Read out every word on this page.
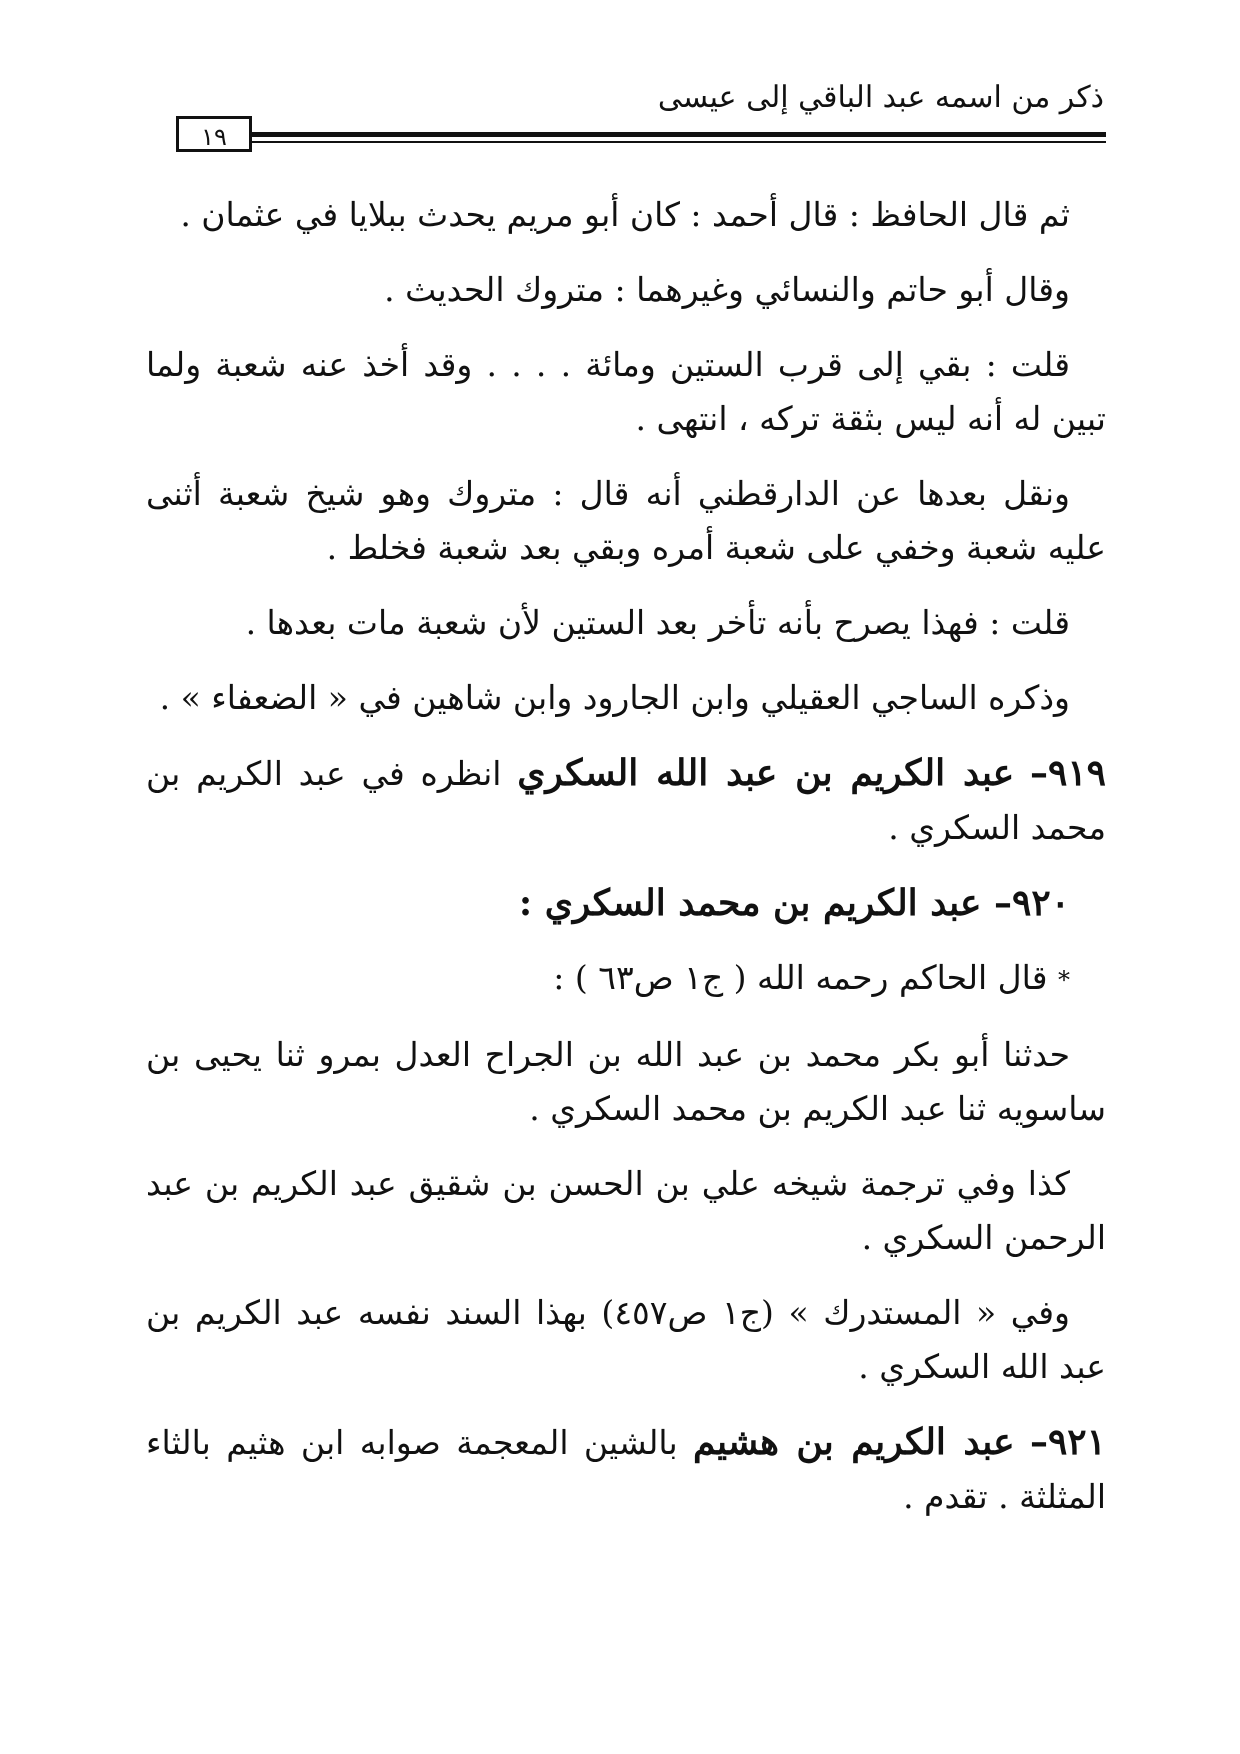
ذكر من اسمه عبد الباقي إلى عيسى
١٩

ثم قال الحافظ : قال أحمد : كان أبو مريم يحدث ببلايا في عثمان .

وقال أبو حاتم والنسائي وغيرهما : متروك الحديث .

قلت : بقي إلى قرب الستين ومائة . . . . وقد أخذ عنه شعبة ولما تبين له أنه ليس بثقة تركه ، انتهى .

ونقل بعدها عن الدارقطني أنه قال : متروك وهو شيخ شعبة أثنى عليه شعبة وخفي على شعبة أمره وبقي بعد شعبة فخلط .

قلت : فهذا يصرح بأنه تأخر بعد الستين لأن شعبة مات بعدها .

وذكره الساجي العقيلي وابن الجارود وابن شاهين في « الضعفاء » .

٩١٩– عبد الكريم بن عبد الله السكري انظره في عبد الكريم بن محمد السكري .

٩٢٠– عبد الكريم بن محمد السكري :

* قال الحاكم رحمه الله ( ج١ ص٦٣ ) :

حدثنا أبو بكر محمد بن عبد الله بن الجراح العدل بمرو ثنا يحيى بن ساسويه ثنا عبد الكريم بن محمد السكري .

كذا وفي ترجمة شيخه علي بن الحسن بن شقيق عبد الكريم بن عبد الرحمن السكري .

وفي « المستدرك » (ج١ ص٤٥٧) بهذا السند نفسه عبد الكريم بن عبد الله السكري .

٩٢١– عبد الكريم بن هشيم بالشين المعجمة صوابه ابن هثيم بالثاء المثلثة . تقدم .
